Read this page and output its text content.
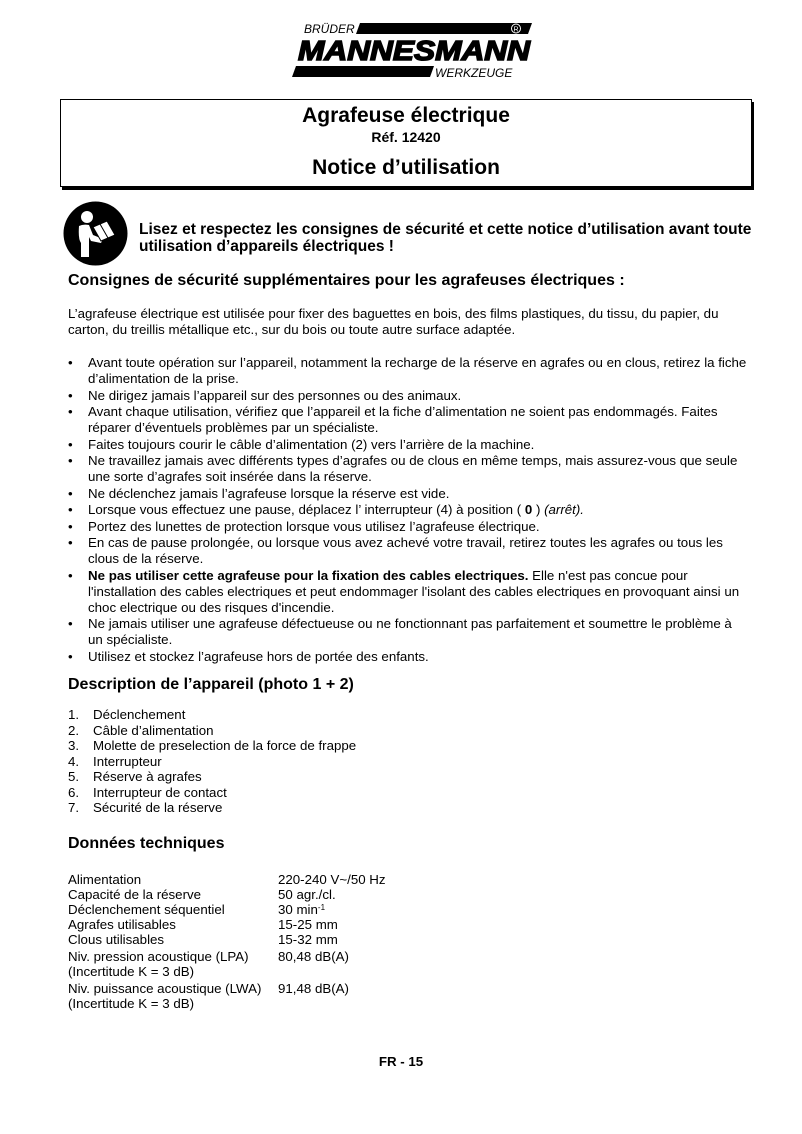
BRÜDER	R
MANNESMANN
WERKZEUGE
Agrafeuse électrique
Réf. 12420
Notice d’utilisation
Lisez et respectez les consignes de sécurité et cette notice d’utilisation avant toute utilisation d’appareils électriques !
Consignes de sécurité supplémentaires pour les agrafeuses électriques :
L’agrafeuse électrique est utilisée pour fixer des baguettes en bois, des films plastiques, du tissu, du papier, du carton, du treillis métallique etc., sur du bois ou toute autre surface adaptée.
• Avant toute opération sur l’appareil, notamment la recharge de la réserve en agrafes ou en clous, retirez la fiche d’alimentation de la prise.
• Ne dirigez jamais l’appareil sur des personnes ou des animaux.
• Avant chaque utilisation, vérifiez que l’appareil et la fiche d’alimentation ne soient pas endommagés. Faites réparer d’éventuels problèmes par un spécialiste.
• Faites toujours courir le câble d’alimentation (2) vers l’arrière de la machine.
• Ne travaillez jamais avec différents types d’agrafes ou de clous en même temps, mais assurez-vous que seule une sorte d’agrafes soit insérée dans la réserve.
• Ne déclenchez jamais l’agrafeuse lorsque la réserve est vide.
• Lorsque vous effectuez une pause, déplacez l’ interrupteur (4) à position ( 0 ) (arrêt).
• Portez des lunettes de protection lorsque vous utilisez l’agrafeuse électrique.
• En cas de pause prolongée, ou lorsque vous avez achevé votre travail, retirez toutes les agrafes ou tous les clous de la réserve.
• Ne pas utiliser cette agrafeuse pour la fixation des cables electriques. Elle n'est pas concue pour l'installation des cables electriques et peut endommager l'isolant des cables electriques en provoquant ainsi un choc electrique ou des risques d'incendie.
• Ne jamais utiliser une agrafeuse défectueuse ou ne fonctionnant pas parfaitement et soumettre le problème à un spécialiste.
• Utilisez et stockez l’agrafeuse hors de portée des enfants.
Description de l’appareil (photo 1 + 2)
1. Déclenchement
2. Câble d’alimentation
3. Molette de preselection de la force de frappe
4. Interrupteur
5. Réserve à agrafes
6. Interrupteur de contact
7. Sécurité de la réserve
Données techniques
Alimentation	220-240 V~/50 Hz
Capacité de la réserve	50 agr./cl.
Déclenchement séquentiel	30 $\min^{-1}$
Agrafes utilisables	15-25 mm
Clous utilisables	15-32 mm

Niv. pression acoustique (LPA)
(Incertitude K = 3 dB)	80,48 dB(A)

Niv. puissance acoustique (LWA)
(Incertitude K = 3 dB)	91,48 dB(A)
FR - 15
